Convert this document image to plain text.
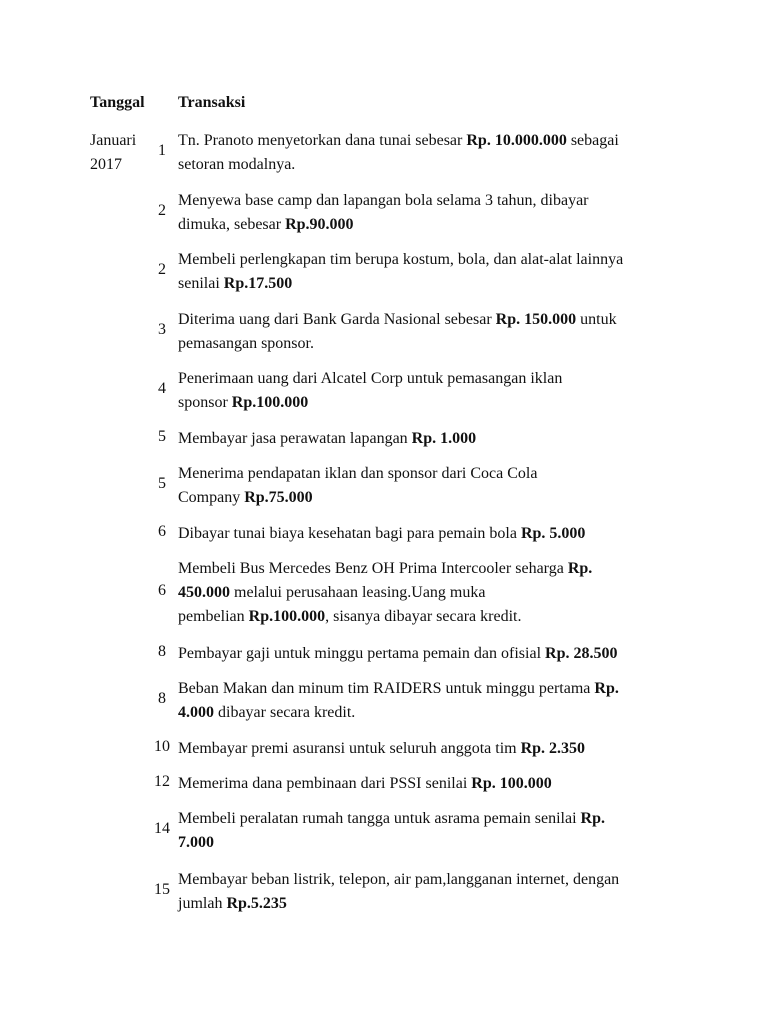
Tanggal Transaksi
Januari
2017
1
Tn. Pranoto menyetorkan dana tunai sebesar Rp. 10.000.000 sebagai
setoran modalnya.
2
Menyewa base camp dan lapangan bola selama 3 tahun, dibayar
dimuka, sebesar Rp.90.000
2
Membeli perlengkapan tim berupa kostum, bola, dan alat-alat lainnya
senilai Rp.17.500
3
Diterima uang dari Bank Garda Nasional sebesar Rp. 150.000 untuk
pemasangan sponsor.
4
Penerimaan uang dari Alcatel Corp untuk pemasangan iklan
sponsor Rp.100.000
5 Membayar jasa perawatan lapangan Rp. 1.000
5
Menerima pendapatan iklan dan sponsor dari Coca Cola
Company Rp.75.000
6 Dibayar tunai biaya kesehatan bagi para pemain bola Rp. 5.000
6
Membeli Bus Mercedes Benz OH Prima Intercooler seharga Rp.
450.000 melalui perusahaan leasing.Uang muka
pembelian Rp.100.000, sisanya dibayar secara kredit.
8 Pembayar gaji untuk minggu pertama pemain dan ofisial Rp. 28.500
8
Beban Makan dan minum tim RAIDERS untuk minggu pertama Rp.
4.000 dibayar secara kredit.
10 Membayar premi asuransi untuk seluruh anggota tim Rp. 2.350
12 Memerima dana pembinaan dari PSSI senilai Rp. 100.000
14
Membeli peralatan rumah tangga untuk asrama pemain senilai Rp.
7.000
15
Membayar beban listrik, telepon, air pam,langganan internet, dengan
jumlah Rp.5.235
